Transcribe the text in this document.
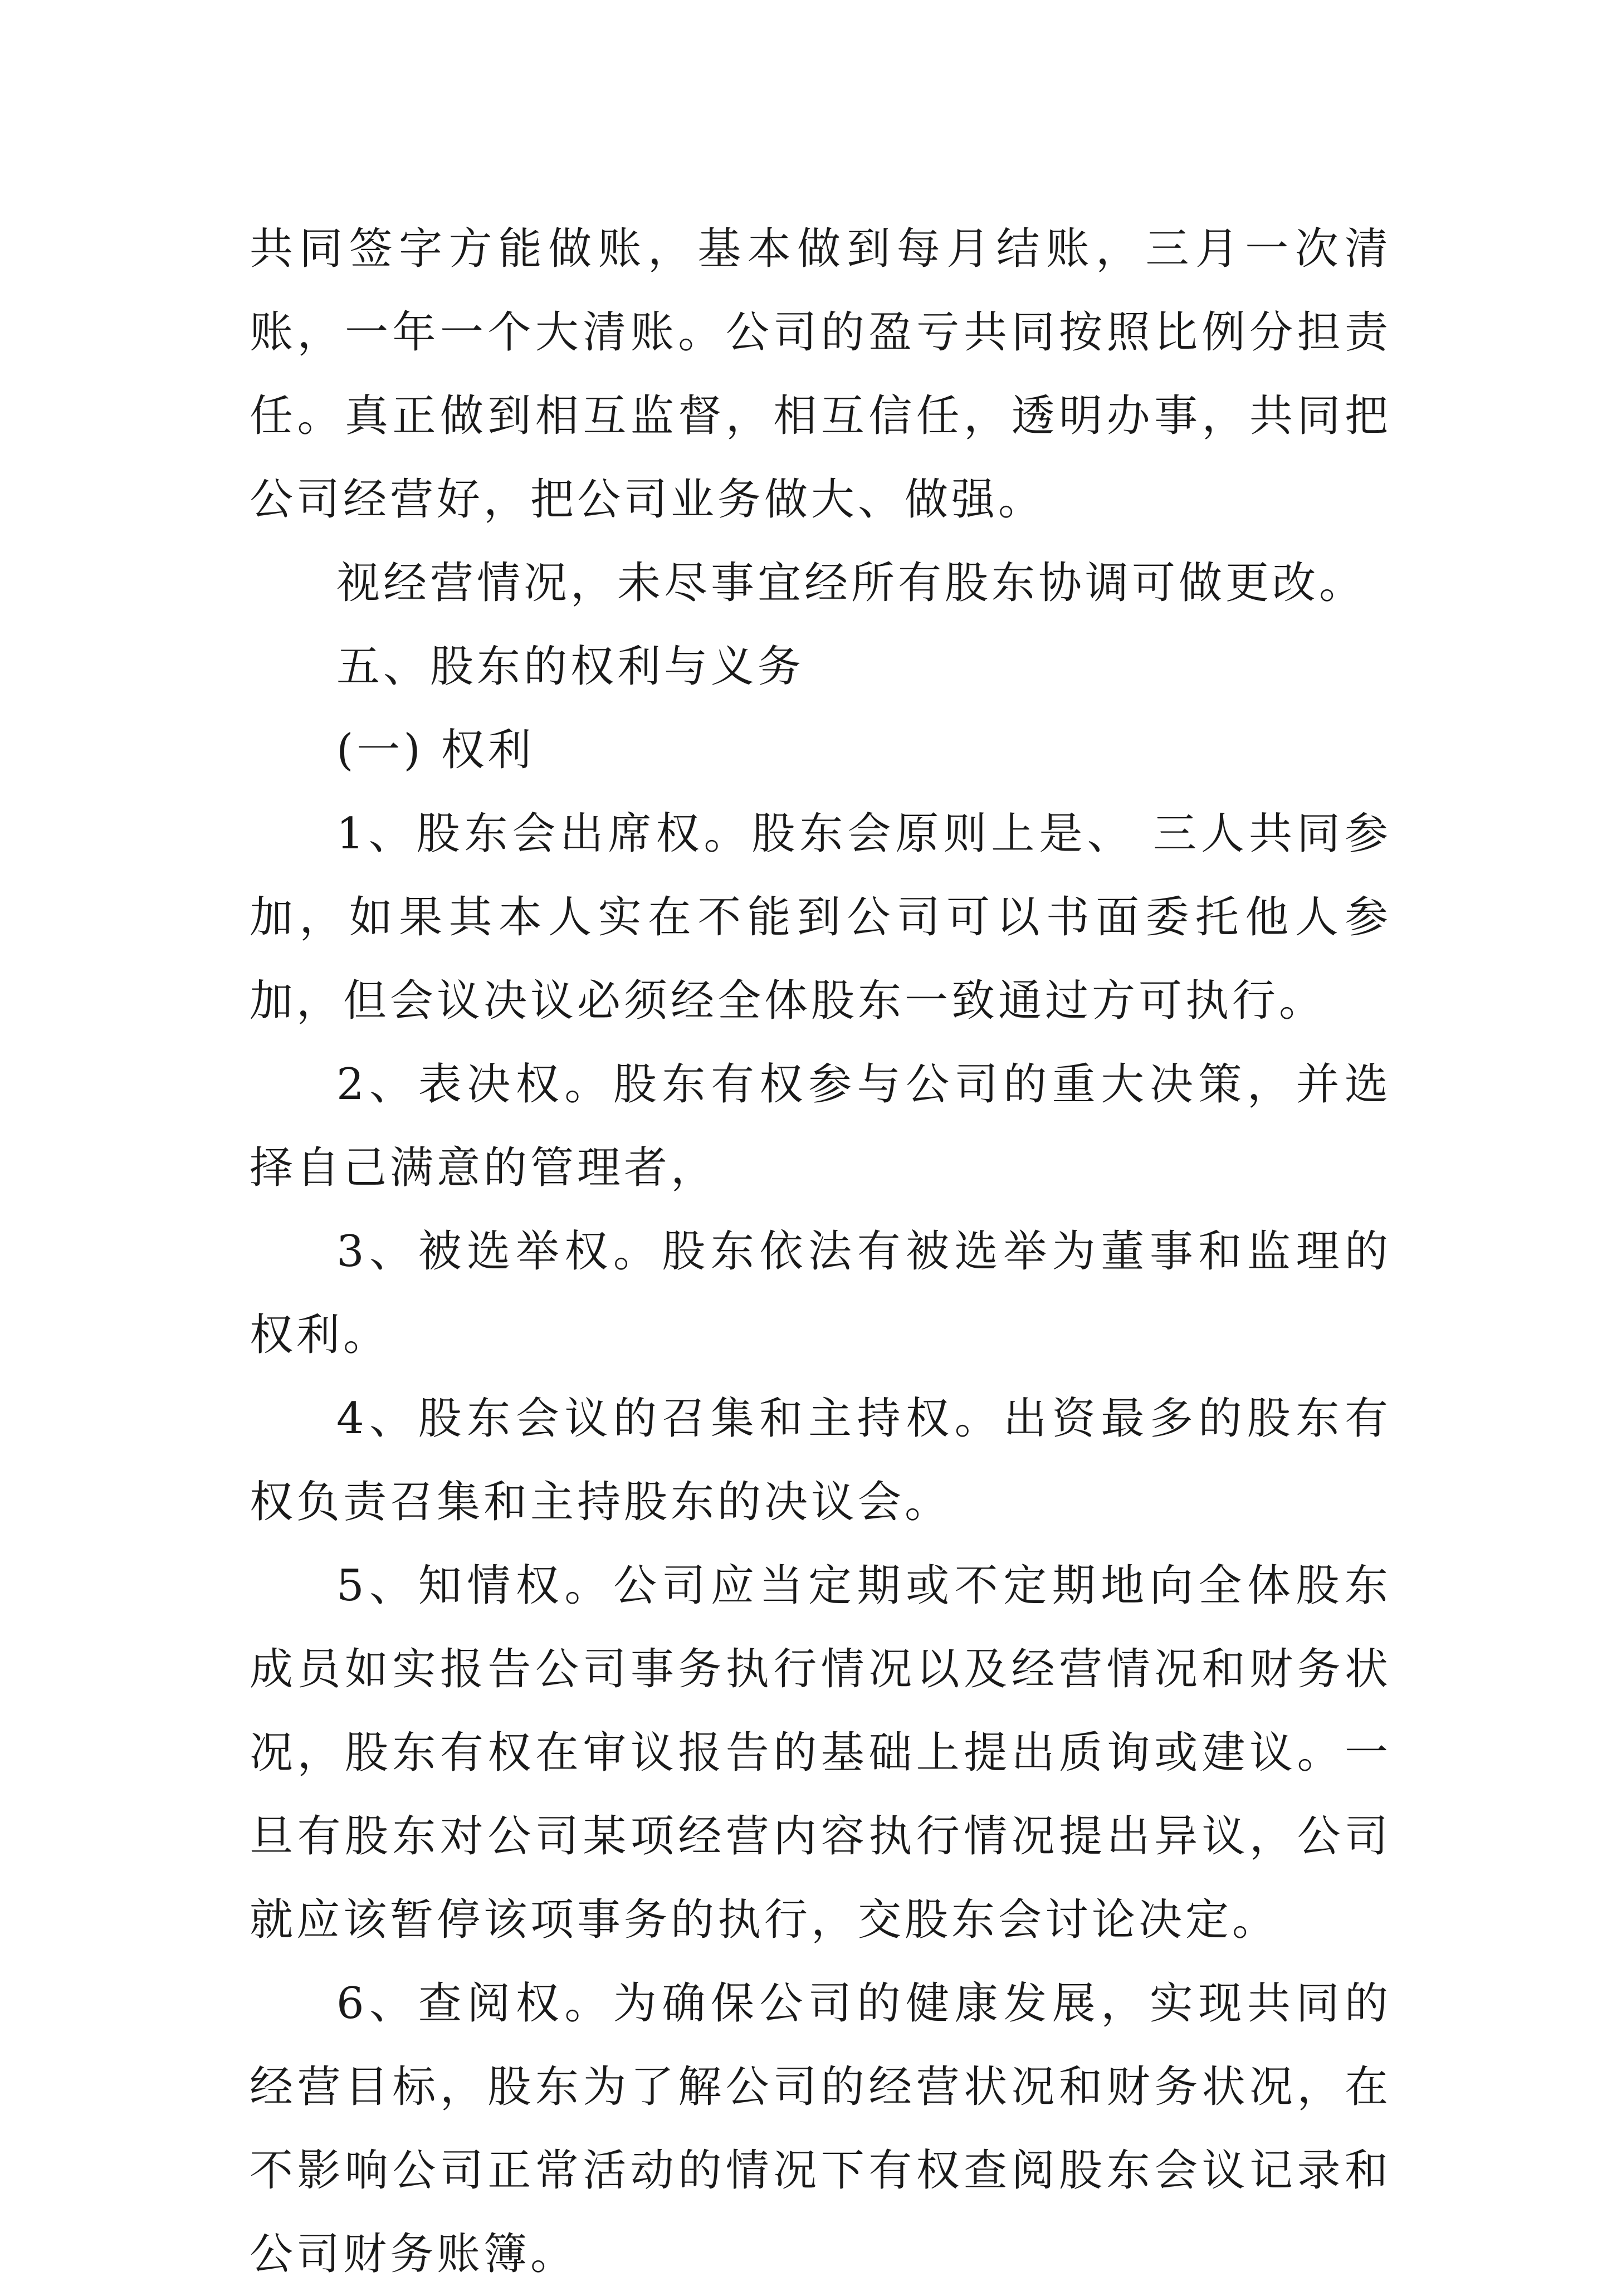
共同签字方能做账，基本做到每月结账，三月一次清账，一年一个大清账。公司的盈亏共同按照比例分担责任。真正做到相互监督，相互信任，透明办事，共同把公司经营好，把公司业务做大、做强。

视经营情况，未尽事宜经所有股东协调可做更改。

五、股东的权利与义务

(一) 权利

1、股东会出席权。股东会原则上是、 三人共同参加，如果其本人实在不能到公司可以书面委托他人参加，但会议决议必须经全体股东一致通过方可执行。

2、表决权。股东有权参与公司的重大决策，并选择自己满意的管理者，

3、被选举权。股东依法有被选举为董事和监理的权利。

4、股东会议的召集和主持权。出资最多的股东有权负责召集和主持股东的决议会。

5、知情权。公司应当定期或不定期地向全体股东成员如实报告公司事务执行情况以及经营情况和财务状况，股东有权在审议报告的基础上提出质询或建议。一旦有股东对公司某项经营内容执行情况提出异议，公司就应该暂停该项事务的执行，交股东会讨论决定。

6、查阅权。为确保公司的健康发展，实现共同的经营目标，股东为了解公司的经营状况和财务状况，在不影响公司正常活动的情况下有权查阅股东会议记录和公司财务账簿。
